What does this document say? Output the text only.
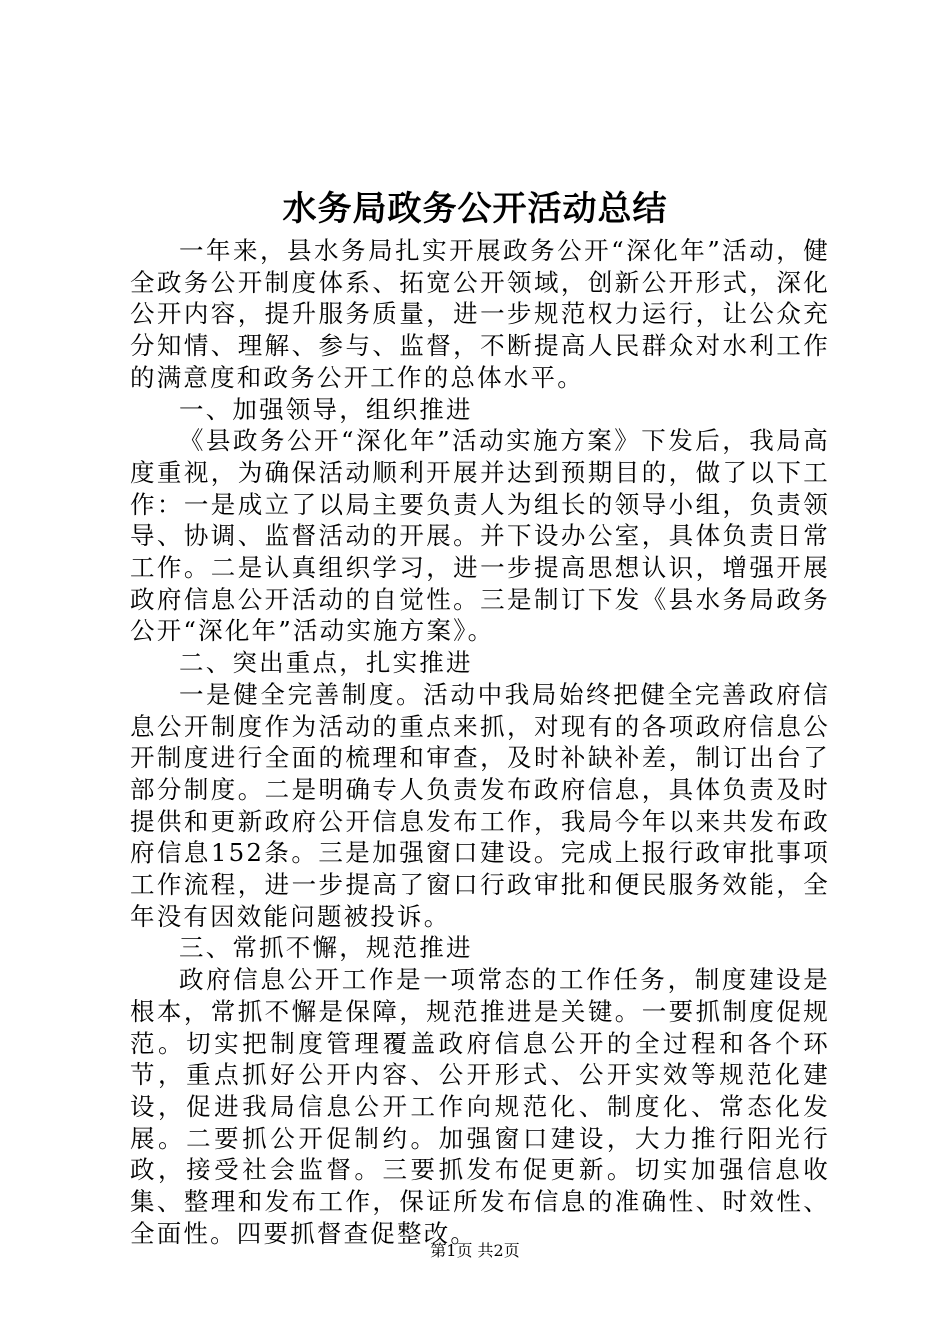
水务局政务公开活动总结

一年来，县水务局扎实开展政务公开“深化年”活动，健全政务公开制度体系、拓宽公开领域，创新公开形式，深化公开内容，提升服务质量，进一步规范权力运行，让公众充分知情、理解、参与、监督，不断提高人民群众对水利工作的满意度和政务公开工作的总体水平。

一、加强领导，组织推进

《县政务公开“深化年”活动实施方案》下发后，我局高度重视，为确保活动顺利开展并达到预期目的，做了以下工作：一是成立了以局主要负责人为组长的领导小组，负责领导、协调、监督活动的开展。并下设办公室，具体负责日常工作。二是认真组织学习，进一步提高思想认识，增强开展政府信息公开活动的自觉性。三是制订下发《县水务局政务公开“深化年”活动实施方案》。

二、突出重点，扎实推进

一是健全完善制度。活动中我局始终把健全完善政府信息公开制度作为活动的重点来抓，对现有的各项政府信息公开制度进行全面的梳理和审查，及时补缺补差，制订出台了部分制度。二是明确专人负责发布政府信息，具体负责及时提供和更新政府公开信息发布工作，我局今年以来共发布政府信息152条。三是加强窗口建设。完成上报行政审批事项工作流程，进一步提高了窗口行政审批和便民服务效能，全年没有因效能问题被投诉。

三、常抓不懈，规范推进

政府信息公开工作是一项常态的工作任务，制度建设是根本，常抓不懈是保障，规范推进是关键。一要抓制度促规范。切实把制度管理覆盖政府信息公开的全过程和各个环节，重点抓好公开内容、公开形式、公开实效等规范化建设，促进我局信息公开工作向规范化、制度化、常态化发展。二要抓公开促制约。加强窗口建设，大力推行阳光行政，接受社会监督。三要抓发布促更新。切实加强信息收集、整理和发布工作，保证所发布信息的准确性、时效性、全面性。四要抓督查促整改。

第1页 共2页
